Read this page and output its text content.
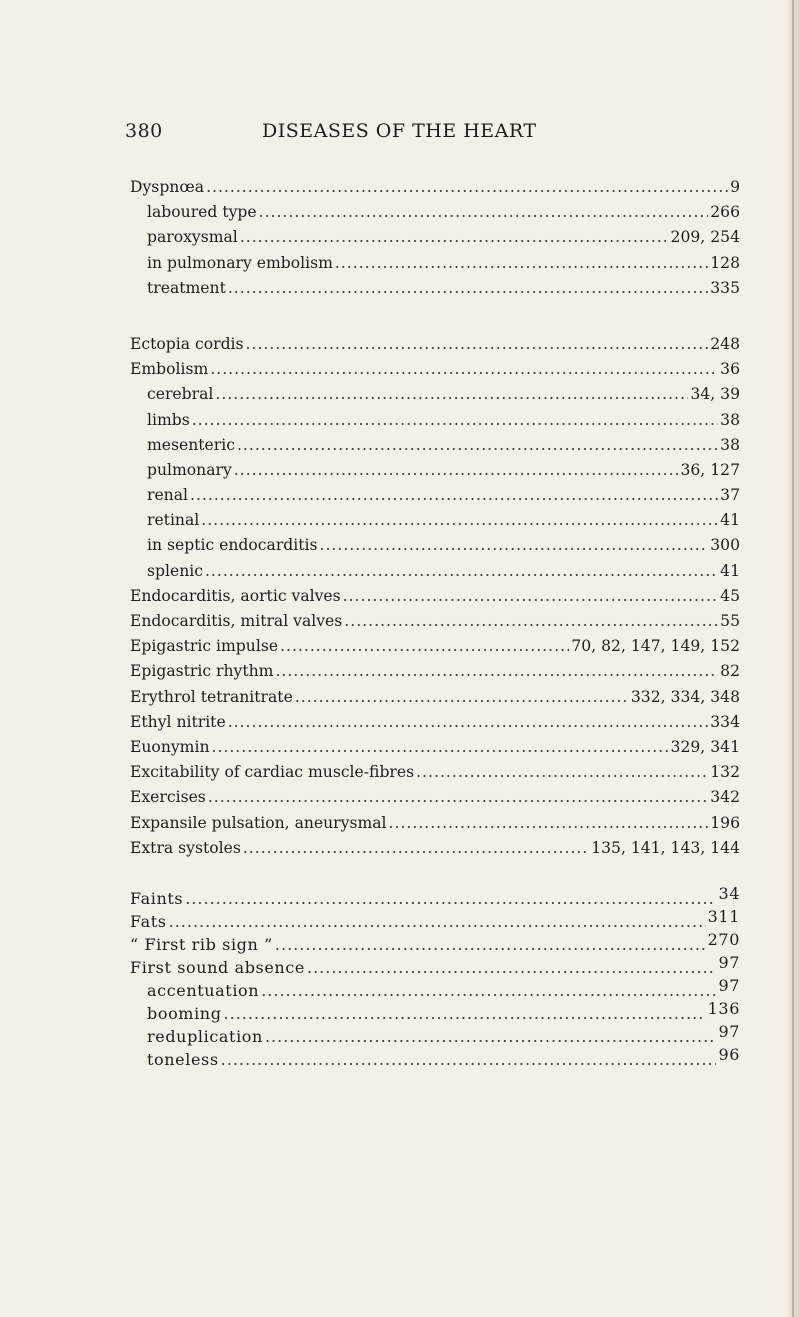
380	DISEASES OF THE HEART
Dyspnœa .....	9
laboured type .....	266
paroxysmal .....	209, 254
in pulmonary embolism .....	128
treatment .....	335
Ectopia cordis .....	248
Embolism .....	36
cerebral .....	34, 39
limbs .....	38
mesenteric .....	38
pulmonary .....	36, 127
renal .....	37
retinal .....	41
in septic endocarditis .....	300
splenic .....	41
Endocarditis, aortic valves .....	45
Endocarditis, mitral valves .....	55
Epigastric impulse .....	70, 82, 147, 149, 152
Epigastric rhythm .....	82
Erythrol tetranitrate .....	332, 334, 348
Ethyl nitrite .....	334
Euonymin .....	329, 341
Excitability of cardiac muscle-fibres .....	132
Exercises .....	342
Expansile pulsation, aneurysmal .....	196
Extra systoles .....	135, 141, 143, 144
Faints .....	34
Fats .....	311
“ First rib sign ” .....	270
First sound absence .....	97
accentuation .....	97
booming .....	136
reduplication .....	97
toneless .....	96
